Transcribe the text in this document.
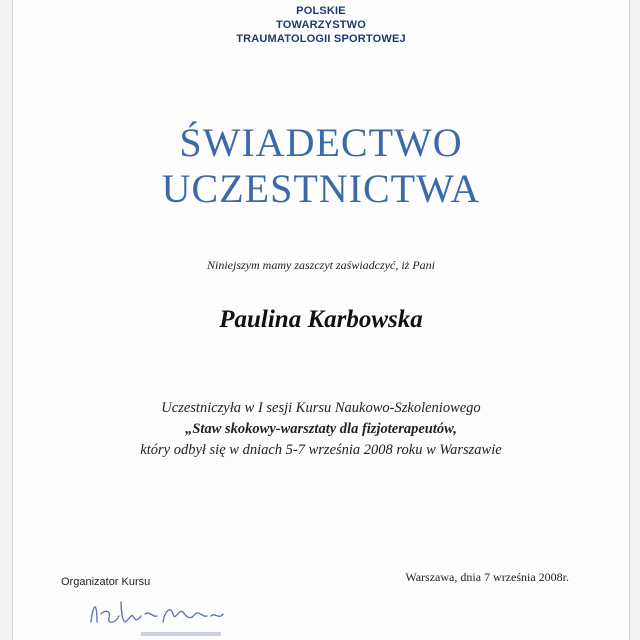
POLSKIE
TOWARZYSTWO
TRAUMATOLOGII SPORTOWEJ
ŚWIADECTWO
UCZESTNICTWA
Niniejszym mamy zaszczyt zaświadczyć, iż Pani
Paulina Karbowska
Uczestniczyła w I sesji Kursu Naukowo-Szkoleniowego
„Staw skokowy-warsztaty dla fizjoterapeutów,
który odbył się w dniach 5-7 września 2008 roku w Warszawie
Organizator Kursu	Warszawa, dnia 7 września 2008r.
